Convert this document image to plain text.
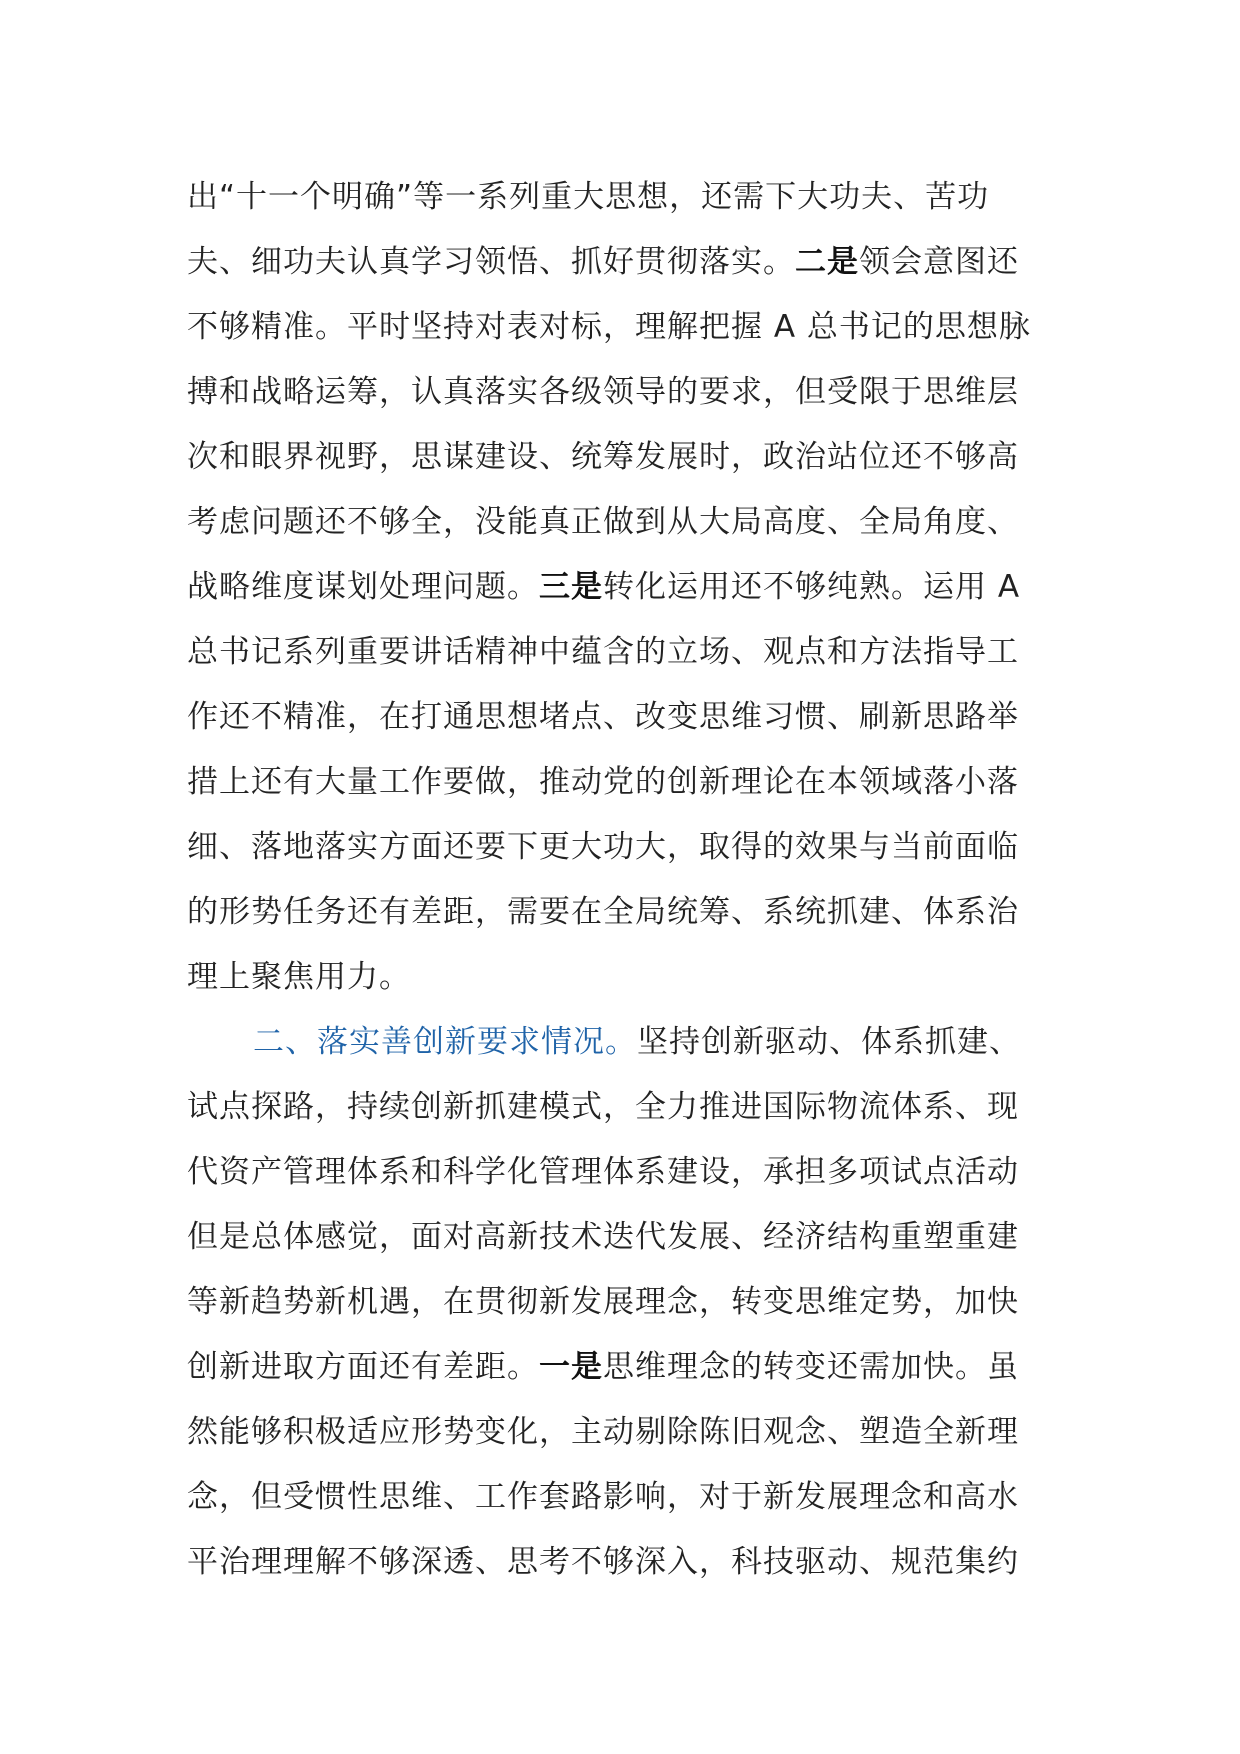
出“十一个明确”等一系列重大思想，还需下大功夫、苦功
夫、细功夫认真学习领悟、抓好贯彻落实。二是领会意图还
不够精准。平时坚持对表对标，理解把握 A 总书记的思想脉
搏和战略运筹，认真落实各级领导的要求，但受限于思维层
次和眼界视野，思谋建设、统筹发展时，政治站位还不够高
考虑问题还不够全，没能真正做到从大局高度、全局角度、
战略维度谋划处理问题。三是转化运用还不够纯熟。运用 A
总书记系列重要讲话精神中蕴含的立场、观点和方法指导工
作还不精准，在打通思想堵点、改变思维习惯、刷新思路举
措上还有大量工作要做，推动党的创新理论在本领域落小落
细、落地落实方面还要下更大功大，取得的效果与当前面临
的形势任务还有差距，需要在全局统筹、系统抓建、体系治
理上聚焦用力。
二、落实善创新要求情况。坚持创新驱动、体系抓建、
试点探路，持续创新抓建模式，全力推进国际物流体系、现
代资产管理体系和科学化管理体系建设，承担多项试点活动
但是总体感觉，面对高新技术迭代发展、经济结构重塑重建
等新趋势新机遇，在贯彻新发展理念，转变思维定势，加快
创新进取方面还有差距。一是思维理念的转变还需加快。虽
然能够积极适应形势变化，主动剔除陈旧观念、塑造全新理
念，但受惯性思维、工作套路影响，对于新发展理念和高水
平治理理解不够深透、思考不够深入，科技驱动、规范集约
